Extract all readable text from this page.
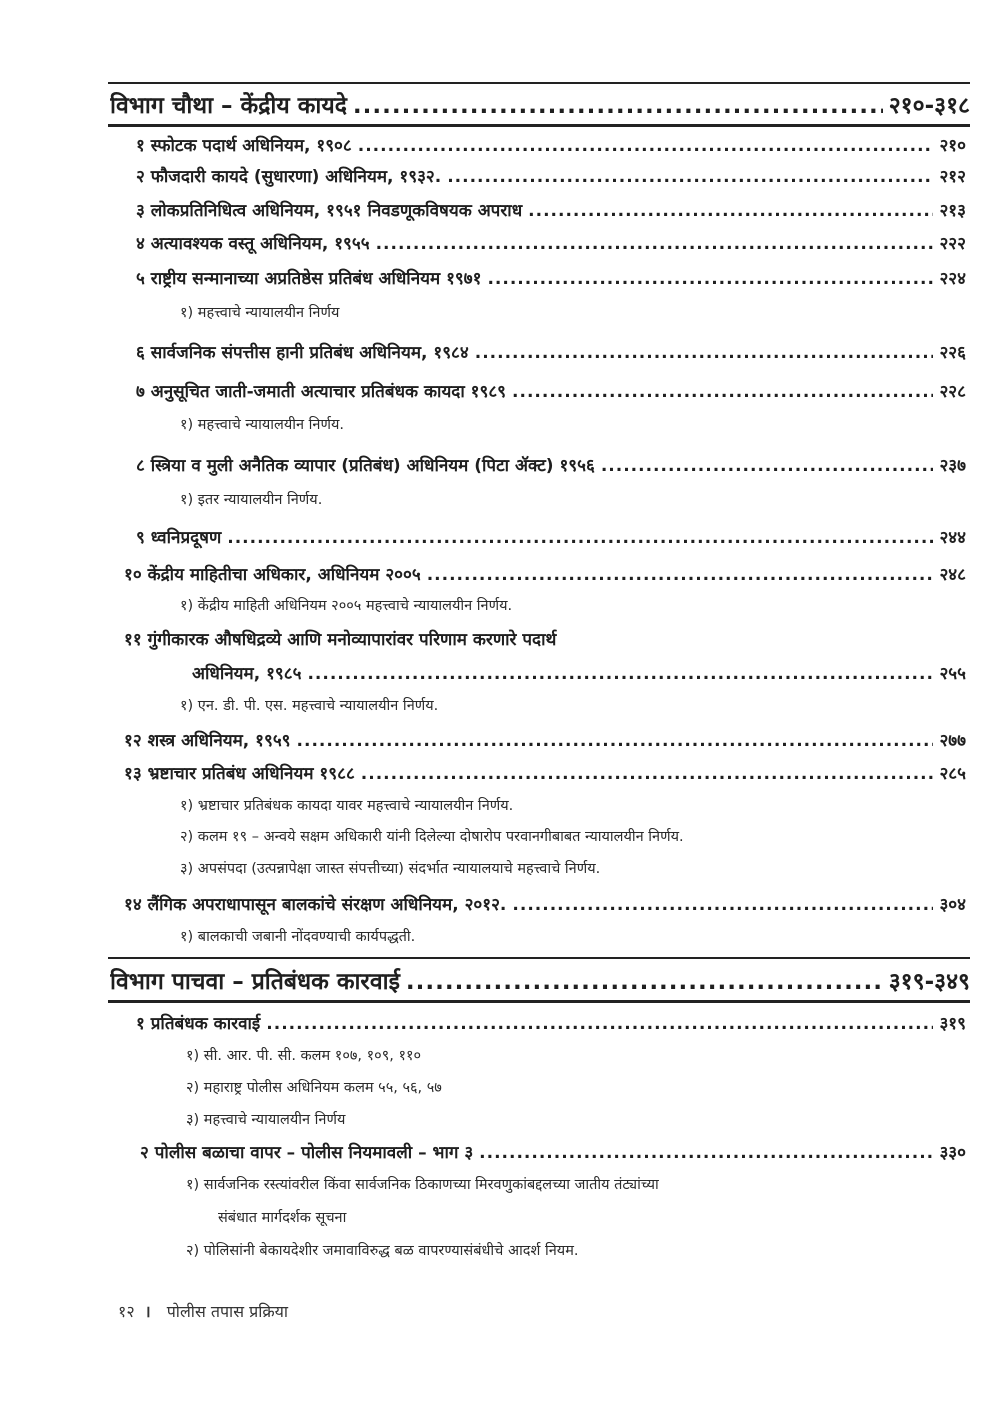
विभाग चौथा – केंद्रीय कायदे .....	२१०-३१८
१ स्फोटक पदार्थ अधिनियम, १९०८ .....	२१०
२ फौजदारी कायदे (सुधारणा) अधिनियम, १९३२. .....	२१२
३ लोकप्रतिनिधित्व अधिनियम, १९५१ निवडणूकविषयक अपराध .....	२१३
४ अत्यावश्यक वस्तू अधिनियम, १९५५ .....	२२२
५ राष्ट्रीय सन्मानाच्या अप्रतिष्ठेस प्रतिबंध अधिनियम १९७१ .....	२२४
१) महत्त्वाचे न्यायालयीन निर्णय
६ सार्वजनिक संपत्तीस हानी प्रतिबंध अधिनियम, १९८४ .....	२२६
७ अनुसूचित जाती-जमाती अत्याचार प्रतिबंधक कायदा १९८९ .....	२२८
१) महत्त्वाचे न्यायालयीन निर्णय.
८ स्त्रिया व मुली अनैतिक व्यापार (प्रतिबंध) अधिनियम (पिटा ॲक्ट) १९५६ .....	२३७
१) इतर न्यायालयीन निर्णय.
९ ध्वनिप्रदूषण .....	२४४
१० केंद्रीय माहितीचा अधिकार, अधिनियम २००५ .....	२४८
१) केंद्रीय माहिती अधिनियम २००५ महत्त्वाचे न्यायालयीन निर्णय.
११ गुंगीकारक औषधिद्रव्ये आणि मनोव्यापारांवर परिणाम करणारे पदार्थ
अधिनियम, १९८५ .....	२५५
१) एन. डी. पी. एस. महत्त्वाचे न्यायालयीन निर्णय.
१२ शस्त्र अधिनियम, १९५९ .....	२७७
१३ भ्रष्टाचार प्रतिबंध अधिनियम १९८८ .....	२८५
१) भ्रष्टाचार प्रतिबंधक कायदा यावर महत्त्वाचे न्यायालयीन निर्णय.
२) कलम १९ – अन्वये सक्षम अधिकारी यांनी दिलेल्या दोषारोप परवानगीबाबत न्यायालयीन निर्णय.
३) अपसंपदा (उत्पन्नापेक्षा जास्त संपत्तीच्या) संदर्भात न्यायालयाचे महत्त्वाचे निर्णय.
१४ लैंगिक अपराधापासून बालकांचे संरक्षण अधिनियम, २०१२. .....	३०४
१) बालकाची जबानी नोंदवण्याची कार्यपद्धती.
विभाग पाचवा – प्रतिबंधक कारवाई .....	३१९-३४९
१ प्रतिबंधक कारवाई .....	३१९
१) सी. आर. पी. सी. कलम १०७, १०९, ११०
२) महाराष्ट्र पोलीस अधिनियम कलम ५५, ५६, ५७
३) महत्त्वाचे न्यायालयीन निर्णय
२ पोलीस बळाचा वापर – पोलीस नियमावली – भाग ३ .....	३३०
१) सार्वजनिक रस्त्यांवरील किंवा सार्वजनिक ठिकाणच्या मिरवणुकांबद्दलच्या जातीय तंट्यांच्या
संबंधात मार्गदर्शक सूचना
२) पोलिसांनी बेकायदेशीर जमावाविरुद्ध बळ वापरण्यासंबंधीचे आदर्श नियम.
१२ । पोलीस तपास प्रक्रिया
